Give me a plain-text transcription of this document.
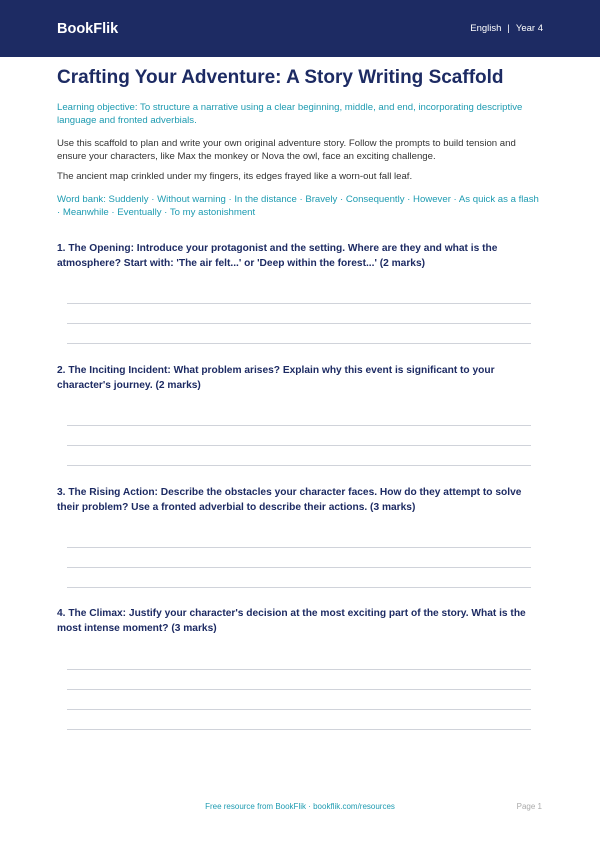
BookFlik	English | Year 4
Crafting Your Adventure: A Story Writing Scaffold

Learning objective: To structure a narrative using a clear beginning, middle, and end, incorporating descriptive language and fronted adverbials.

Use this scaffold to plan and write your own original adventure story. Follow the prompts to build tension and ensure your characters, like Max the monkey or Nova the owl, face an exciting challenge.

The ancient map crinkled under my fingers, its edges frayed like a worn-out fall leaf.

Word bank: Suddenly · Without warning · In the distance · Bravely · Consequently · However · As quick as a flash · Meanwhile · Eventually · To my astonishment

1. The Opening: Introduce your protagonist and the setting. Where are they and what is the atmosphere? Start with: 'The air felt...' or 'Deep within the forest...' (2 marks)

2. The Inciting Incident: What problem arises? Explain why this event is significant to your character's journey. (2 marks)

3. The Rising Action: Describe the obstacles your character faces. How do they attempt to solve their problem? Use a fronted adverbial to describe their actions. (3 marks)

4. The Climax: Justify your character's decision at the most exciting part of the story. What is the most intense moment? (3 marks)

Free resource from BookFlik · bookflik.com/resources	Page 1
